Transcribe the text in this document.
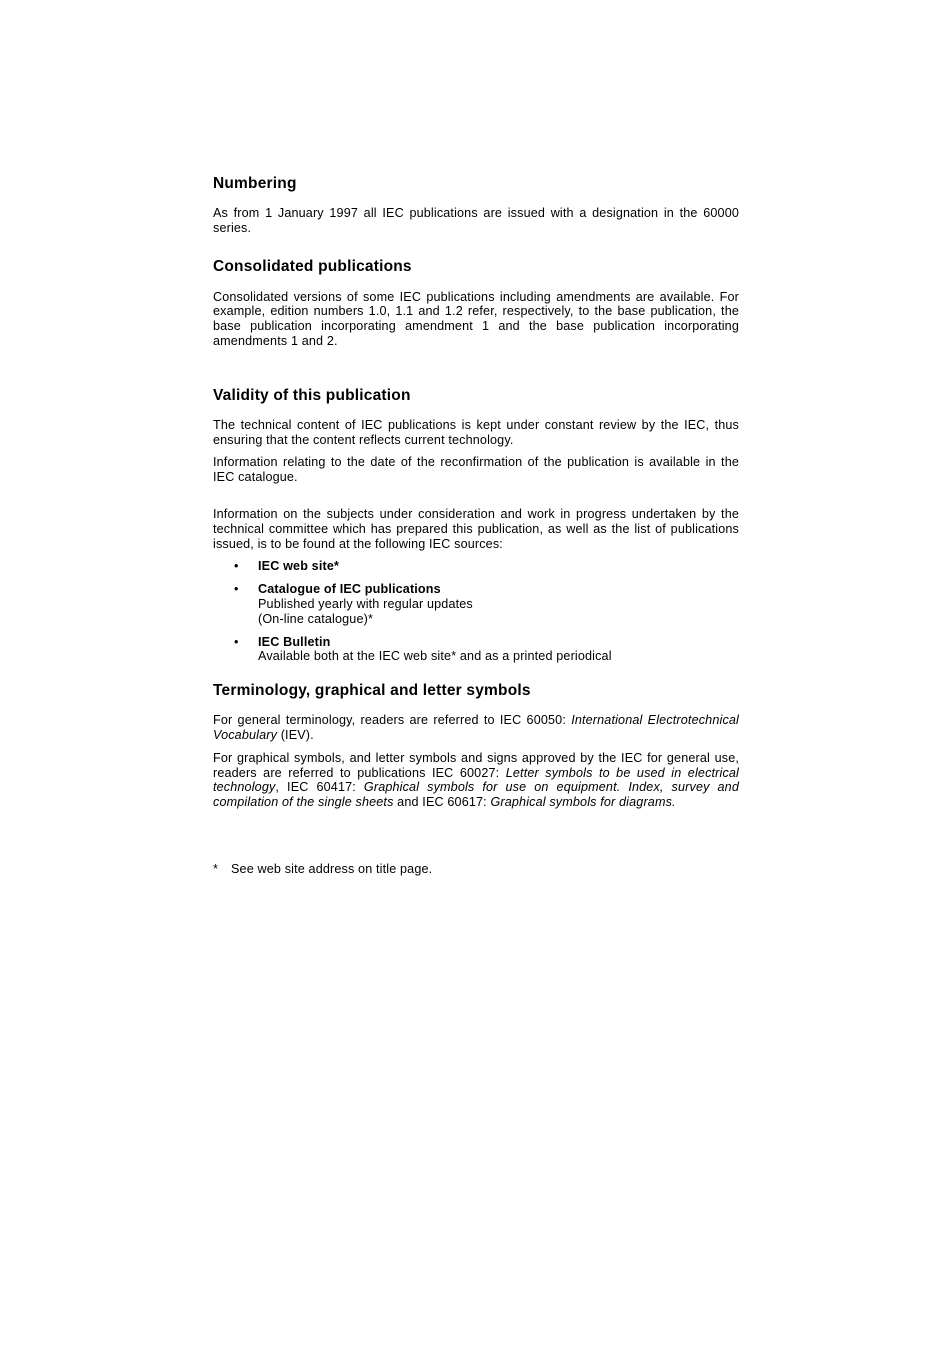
Numbering

As from 1 January 1997 all IEC publications are issued with a designation in the 60000 series.

Consolidated publications

Consolidated versions of some IEC publications including amendments are available. For example, edition numbers 1.0, 1.1 and 1.2 refer, respectively, to the base publication, the base publication incorporating amendment 1 and the base publication incorporating amendments 1 and 2.

Validity of this publication

The technical content of IEC publications is kept under constant review by the IEC, thus ensuring that the content reflects current technology.

Information relating to the date of the reconfirmation of the publication is available in the IEC catalogue.

Information on the subjects under consideration and work in progress undertaken by the technical committee which has prepared this publication, as well as the list of publications issued, is to be found at the following IEC sources:

• IEC web site*
• Catalogue of IEC publications
Published yearly with regular updates
(On-line catalogue)*
• IEC Bulletin
Available both at the IEC web site* and as a printed periodical
Terminology, graphical and letter symbols

For general terminology, readers are referred to IEC 60050: International Electrotechnical Vocabulary (IEV).

For graphical symbols, and letter symbols and signs approved by the IEC for general use, readers are referred to publications IEC 60027: Letter symbols to be used in electrical technology, IEC 60417: Graphical symbols for use on equipment. Index, survey and compilation of the single sheets and IEC 60617: Graphical symbols for diagrams.

* See web site address on title page.
